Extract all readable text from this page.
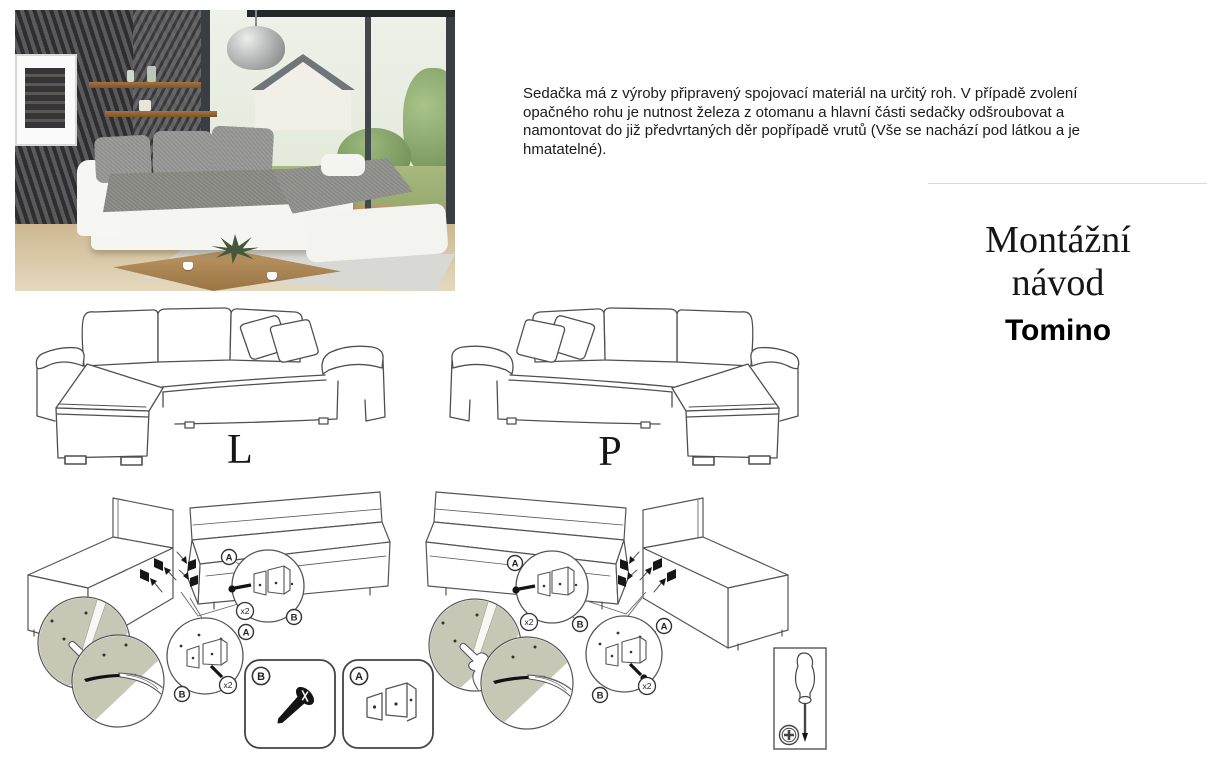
Sedačka má z výroby připravený spojovací materiál na určitý roh. V případě zvolení
opačného rohu je nutnost železa z otomanu a hlavní části sedačky odšroubovat a
namontovat do již předvrtaných děr popřípadě vrutů (Vše se nachází pod látkou a je
hmatatelné).
Montážní
návod
Tomino
L	P
